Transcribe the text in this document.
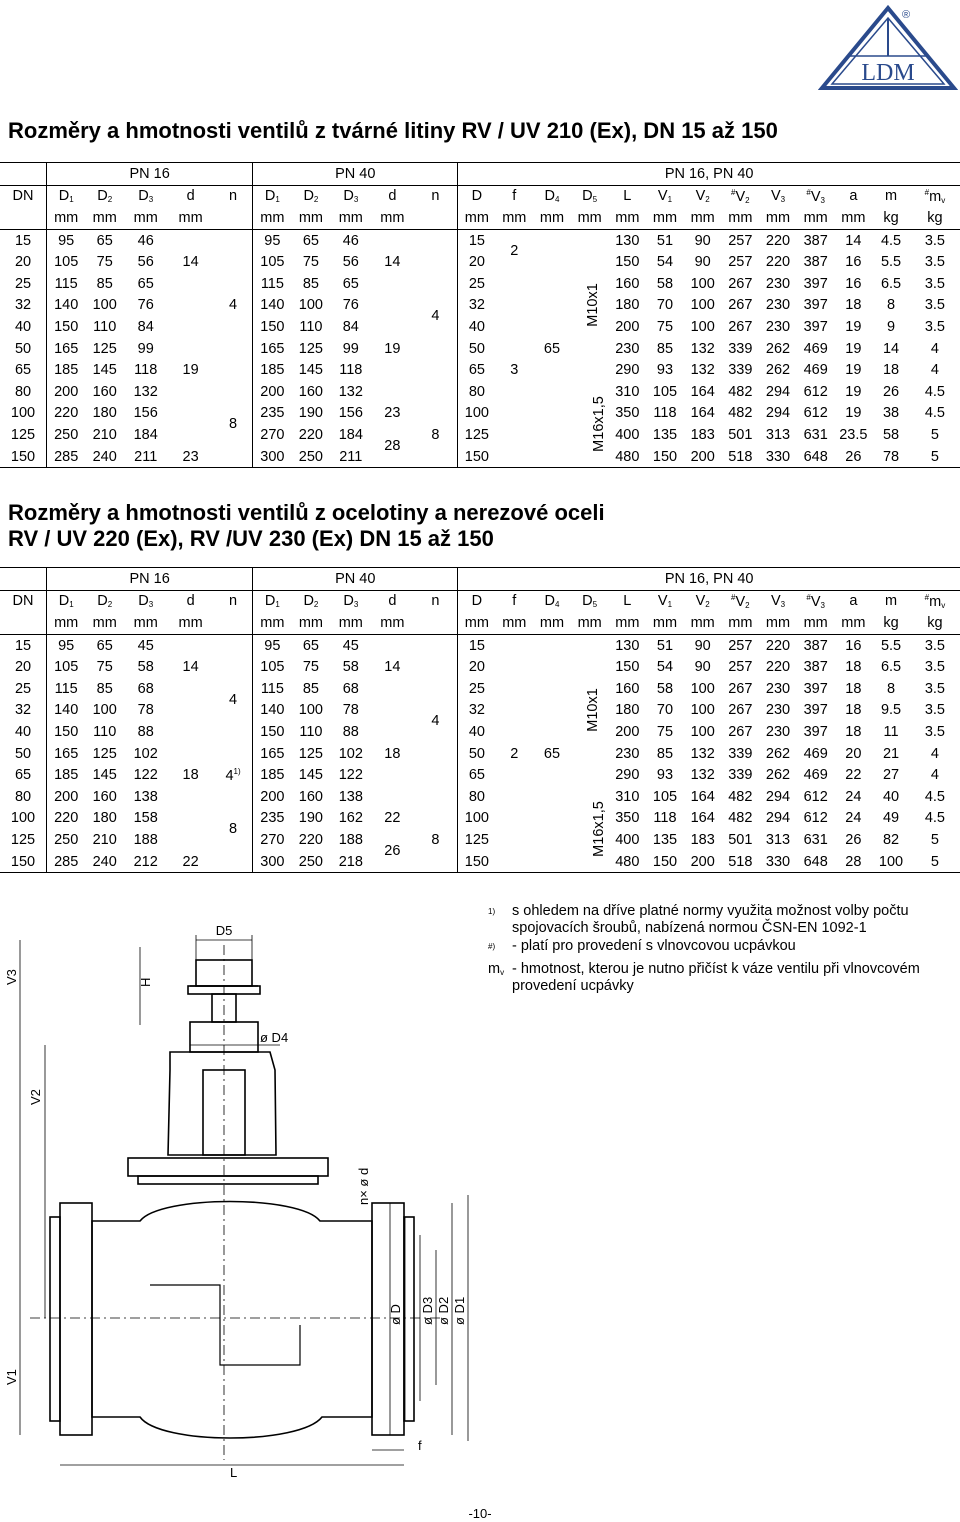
LDM
®
Rozměry a hmotnosti ventilů z tvárné litiny RV / UV 210 (Ex), DN 15 až 150
	PN 16					PN 40					PN 16, PN 40												
DN	$D_1$	$D_2$	$D_3$	d	n	$D_1$	$D_2$	$D_3$	d	n	D	f	$D_4$	$D_5$	L	$V_1$	$V_2$	$^{\#}V_2$	$V_3$	$^{\#}V_3$	a	m	$^{\#}m_v$
	mm	mm	mm	mm		mm	mm	mm	mm		mm	mm	mm	mm	mm	mm	mm	mm	mm	mm	mm	kg	kg
15	95	65	46		4	95	65	46		4	15	2		M10x1	130	51	90	257	220	387	14	4.5	3.5
20	105	75	56	14		105	75	56	14		20				150	54	90	257	220	387	16	5.5	3.5
25	115	85	65			115	85	65			25				160	58	100	267	230	397	16	6.5	3.5
32	140	100	76			140	100	76			32				180	70	100	267	230	397	18	8	3.5
40	150	110	84			150	110	84			40				200	75	100	267	230	397	19	9	3.5
50	165	125	99			165	125	99	19		50		65		230	85	132	339	262	469	19	14	4
65	185	145	118	19		185	145	118			65	3			290	93	132	339	262	469	19	18	4
80	200	160	132		8	200	160	132			80			M16x1,5	310	105	164	482	294	612	19	26	4.5
100	220	180	156			235	190	156	23	8	100				350	118	164	482	294	612	19	38	4.5
125	250	210	184			270	220	184	28		125				400	135	183	501	313	631	23.5	58	5
150	285	240	211	23		300	250	211			150				480	150	200	518	330	648	26	78	5
Rozměry a hmotnosti ventilů z ocelotiny a nerezové oceli
RV / UV 220 (Ex), RV /UV 230 (Ex) DN 15 až 150
	PN 16					PN 40					PN 16, PN 40												
DN	$D_1$	$D_2$	$D_3$	d	n	$D_1$	$D_2$	$D_3$	d	n	D	f	$D_4$	$D_5$	L	$V_1$	$V_2$	$^{\#}V_2$	$V_3$	$^{\#}V_3$	a	m	$^{\#}m_v$
	mm	mm	mm	mm		mm	mm	mm	mm		mm	mm	mm	mm	mm	mm	mm	mm	mm	mm	mm	kg	kg
15	95	65	45		4	95	65	45		4	15	2	65	M10x1	130	51	90	257	220	387	16	5.5	3.5
20	105	75	58	14		105	75	58	14		20				150	54	90	257	220	387	18	6.5	3.5
25	115	85	68			115	85	68			25				160	58	100	267	230	397	18	8	3.5
32	140	100	78			140	100	78			32				180	70	100	267	230	397	18	9.5	3.5
40	150	110	88			150	110	88			40				200	75	100	267	230	397	18	11	3.5
50	165	125	102			165	125	102	18		50				230	85	132	339	262	469	20	21	4
65	185	145	122	18	4$^{1)}$	185	145	122			65				290	93	132	339	262	469	22	27	4
80	200	160	138		8	200	160	138			80			M16x1,5	310	105	164	482	294	612	24	40	4.5
100	220	180	158			235	190	162	22	8	100				350	118	164	482	294	612	24	49	4.5
125	250	210	188			270	220	188	26		125				400	135	183	501	313	631	26	82	5
150	285	240	212	22		300	250	218			150				480	150	200	518	330	648	28	100	5
$^{1)}$	s ohledem na dříve platné normy využita možnost volby počtu spojovacích šroubů, nabízená normou ČSN-EN 1092-1
#)	- platí pro provedení s vlnovcovou ucpávkou
mv - hmotnost, kterou je nutno přičíst k váze ventilu při vlnovcovém provedení ucpávky
D5
H
ø D4
V3
V2
V1
n× ø d
ø D ø D3 ø D2 ø D1
f
L
-10-
